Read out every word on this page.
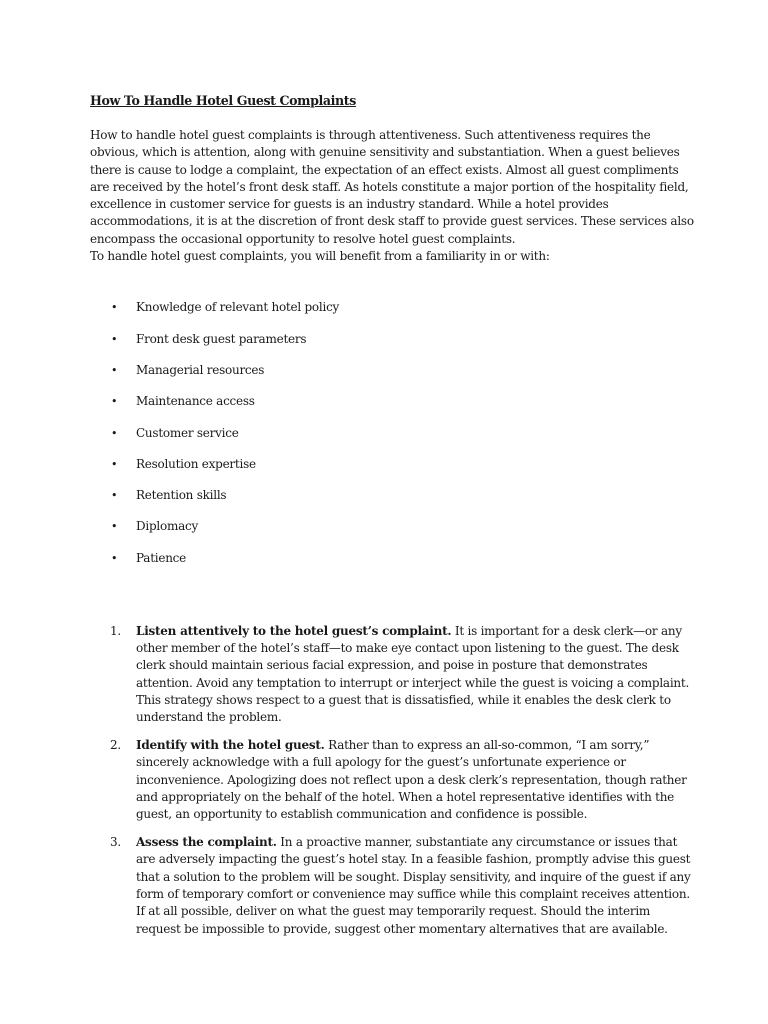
How To Handle Hotel Guest Complaints

How to handle hotel guest complaints is through attentiveness. Such attentiveness requires the obvious, which is attention, along with genuine sensitivity and substantiation. When a guest believes there is cause to lodge a complaint, the expectation of an effect exists. Almost all guest compliments are received by the hotel’s front desk staff. As hotels constitute a major portion of the hospitality field, excellence in customer service for guests is an industry standard. While a hotel provides accommodations, it is at the discretion of front desk staff to provide guest services. These services also encompass the occasional opportunity to resolve hotel guest complaints.

To handle hotel guest complaints, you will benefit from a familiarity in or with:

• Knowledge of relevant hotel policy
• Front desk guest parameters
• Managerial resources
• Maintenance access
• Customer service
• Resolution expertise
• Retention skills
• Diplomacy
• Patience
1. Listen attentively to the hotel guest’s complaint. It is important for a desk clerk—or any other member of the hotel’s staff—to make eye contact upon listening to the guest. The desk clerk should maintain serious facial expression, and poise in posture that demonstrates attention. Avoid any temptation to interrupt or interject while the guest is voicing a complaint. This strategy shows respect to a guest that is dissatisfied, while it enables the desk clerk to understand the problem.
2. Identify with the hotel guest. Rather than to express an all-so-common, “I am sorry,” sincerely acknowledge with a full apology for the guest’s unfortunate experience or inconvenience. Apologizing does not reflect upon a desk clerk’s representation, though rather and appropriately on the behalf of the hotel. When a hotel representative identifies with the guest, an opportunity to establish communication and confidence is possible.
3. Assess the complaint. In a proactive manner, substantiate any circumstance or issues that are adversely impacting the guest’s hotel stay. In a feasible fashion, promptly advise this guest that a solution to the problem will be sought. Display sensitivity, and inquire of the guest if any form of temporary comfort or convenience may suffice while this complaint receives attention. If at all possible, deliver on what the guest may temporarily request. Should the interim request be impossible to provide, suggest other momentary alternatives that are available.
